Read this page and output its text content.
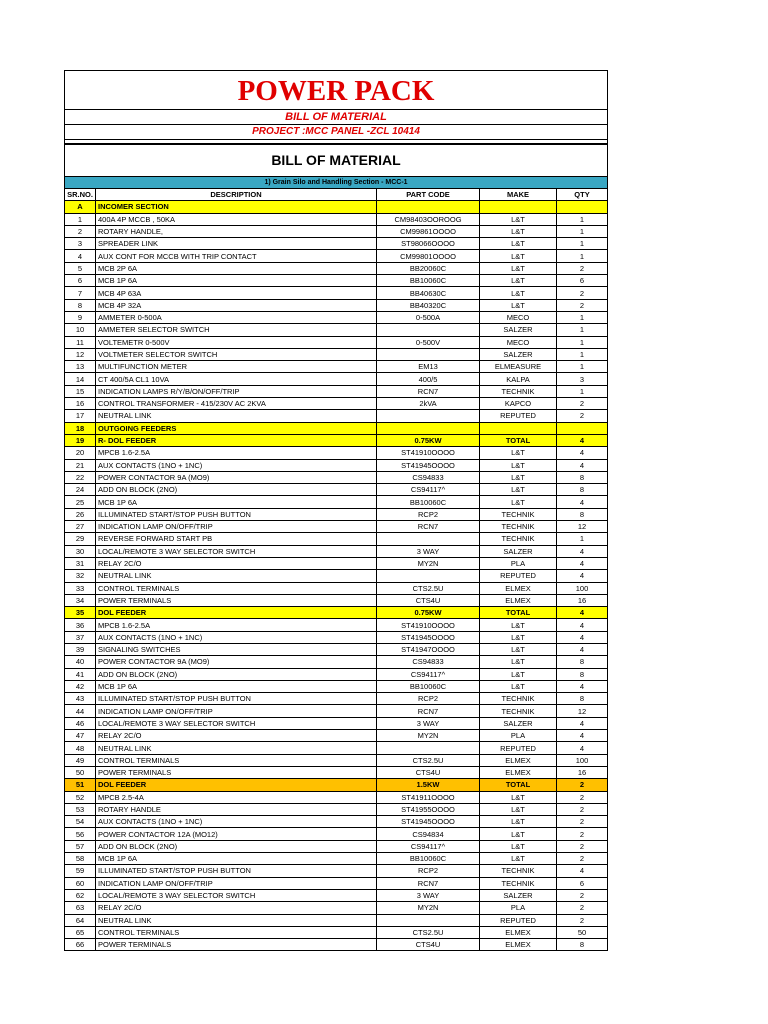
POWER PACK
BILL OF MATERIAL
PROJECT :MCC PANEL -ZCL 10414
BILL OF MATERIAL
1) Grain Silo and Handling Section - MCC-1
SR.NO.	DESCRIPTION	PART CODE	MAKE	QTY
A	INCOMER SECTION			
1	400A 4P MCCB , 50KA	CM98403OOROOG	L&T	1
2	ROTARY HANDLE,	CM99861OOOO	L&T	1
3	SPREADER LINK	ST98066OOOO	L&T	1
4	AUX CONT FOR MCCB WITH TRIP CONTACT	CM99801OOOO	L&T	1
5	MCB 2P 6A	BB20060C	L&T	2
6	MCB 1P 6A	BB10060C	L&T	6
7	MCB 4P 63A	BB40630C	L&T	2
8	MCB 4P 32A	BB40320C	L&T	2
9	AMMETER 0-500A	0-500A	MECO	1
10	AMMETER SELECTOR SWITCH		SALZER	1
11	VOLTEMETR 0-500V	0-500V	MECO	1
12	VOLTMETER SELECTOR SWITCH		SALZER	1
13	MULTIFUNCTION METER	EM13	ELMEASURE	1
14	CT 400/5A CL1 10VA	400/5	KALPA	3
15	INDICATION LAMPS R/Y/B/ON/OFF/TRIP	RCN7	TECHNIK	1
16	CONTROL TRANSFORMER - 415/230V AC 2KVA	2kVA	KAPCO	2
17	NEUTRAL LINK		REPUTED	2
18	OUTGOING FEEDERS			
19	R- DOL FEEDER	0.75KW	TOTAL	4
20	MPCB 1.6-2.5A	ST41910OOOO	L&T	4
21	AUX CONTACTS (1NO + 1NC)	ST41945OOOO	L&T	4
22	POWER CONTACTOR 9A (MO9)	CS94833	L&T	8
24	ADD ON BLOCK (2NO)	CS94117^	L&T	8
25	MCB 1P 6A	BB10060C	L&T	4
26	ILLUMINATED START/STOP PUSH BUTTON	RCP2	TECHNIK	8
27	INDICATION LAMP ON/OFF/TRIP	RCN7	TECHNIK	12
29	REVERSE FORWARD START PB		TECHNIK	1
30	LOCAL/REMOTE 3 WAY SELECTOR SWITCH	3 WAY	SALZER	4
31	RELAY 2C/O	MY2N	PLA	4
32	NEUTRAL LINK		REPUTED	4
33	CONTROL TERMINALS	CTS2.5U	ELMEX	100
34	POWER TERMINALS	CTS4U	ELMEX	16
35	DOL FEEDER	0.75KW	TOTAL	4
36	MPCB 1.6-2.5A	ST41910OOOO	L&T	4
37	AUX CONTACTS (1NO + 1NC)	ST41945OOOO	L&T	4
39	SIGNALING SWITCHES	ST41947OOOO	L&T	4
40	POWER CONTACTOR 9A (MO9)	CS94833	L&T	8
41	ADD ON BLOCK (2NO)	CS94117^	L&T	8
42	MCB 1P 6A	BB10060C	L&T	4
43	ILLUMINATED START/STOP PUSH BUTTON	RCP2	TECHNIK	8
44	INDICATION LAMP ON/OFF/TRIP	RCN7	TECHNIK	12
46	LOCAL/REMOTE 3 WAY SELECTOR SWITCH	3 WAY	SALZER	4
47	RELAY 2C/O	MY2N	PLA	4
48	NEUTRAL LINK		REPUTED	4
49	CONTROL TERMINALS	CTS2.5U	ELMEX	100
50	POWER TERMINALS	CTS4U	ELMEX	16
51	DOL FEEDER	1.5KW	TOTAL	2
52	MPCB 2.5-4A	ST41911OOOO	L&T	2
53	ROTARY HANDLE	ST41955OOOO	L&T	2
54	AUX CONTACTS (1NO + 1NC)	ST41945OOOO	L&T	2
56	POWER CONTACTOR 12A (MO12)	CS94834	L&T	2
57	ADD ON BLOCK (2NO)	CS94117^	L&T	2
58	MCB 1P 6A	BB10060C	L&T	2
59	ILLUMINATED START/STOP PUSH BUTTON	RCP2	TECHNIK	4
60	INDICATION LAMP ON/OFF/TRIP	RCN7	TECHNIK	6
62	LOCAL/REMOTE 3 WAY SELECTOR SWITCH	3 WAY	SALZER	2
63	RELAY 2C/O	MY2N	PLA	2
64	NEUTRAL LINK		REPUTED	2
65	CONTROL TERMINALS	CTS2.5U	ELMEX	50
66	POWER TERMINALS	CTS4U	ELMEX	8
